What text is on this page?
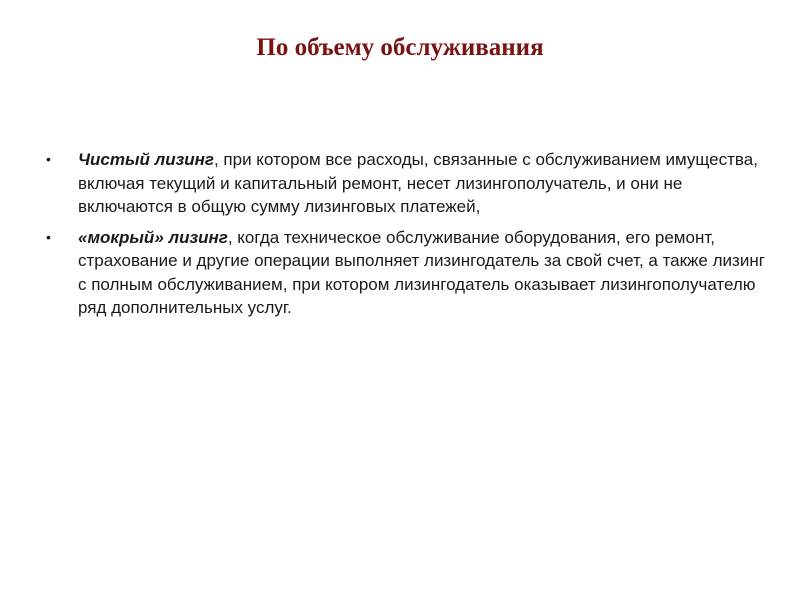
По объему обслуживания
• Чистый лизинг, при котором все расходы, связанные с обслуживанием имущества, включая текущий и капитальный ремонт, несет лизингополучатель, и они не включаются в общую сумму лизинговых платежей,
• «мокрый» лизинг, когда техническое обслуживание оборудования, его ремонт, страхование и другие операции выполняет лизингодатель за свой счет, а также лизинг с полным обслуживанием, при котором лизингодатель оказывает лизингополучателю ряд дополнительных услуг.
